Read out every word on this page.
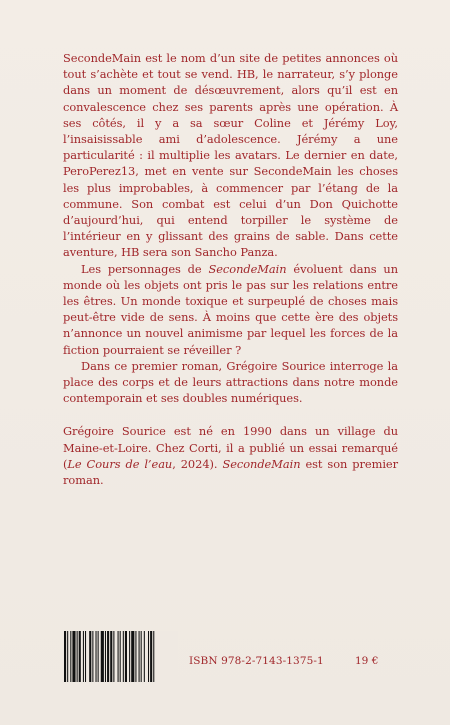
SecondeMain est le nom d’un site de petites annonces où tout s’achète et tout se vend. HB, le narrateur, s’y plonge dans un moment de désœuvrement, alors qu’il est en convalescence chez ses parents après une opération. À ses côtés, il y a sa sœur Coline et Jérémy Loy, l’insaisissable ami d’adolescence. Jérémy a une particularité : il multiplie les avatars. Le dernier en date, PeroPerez13, met en vente sur SecondeMain les choses les plus improbables, à commencer par l’étang de la commune. Son combat est celui d’un Don Quichotte d’aujourd’hui, qui entend torpiller le système de l’intérieur en y glissant des grains de sable. Dans cette aventure, HB sera son Sancho Panza.

Les personnages de SecondeMain évoluent dans un monde où les objets ont pris le pas sur les relations entre les êtres. Un monde toxique et surpeuplé de choses mais peut-être vide de sens. À moins que cette ère des objets n’annonce un nouvel animisme par lequel les forces de la fiction pourraient se réveiller ?

Dans ce premier roman, Grégoire Sourice interroge la place des corps et de leurs attractions dans notre monde contemporain et ses doubles numériques.

Grégoire Sourice est né en 1990 dans un village du Maine-et-Loire. Chez Corti, il a publié un essai remarqué (Le Cours de l’eau, 2024). SecondeMain est son premier roman.

ISBN 978-2-7143-1375-1	19 €
